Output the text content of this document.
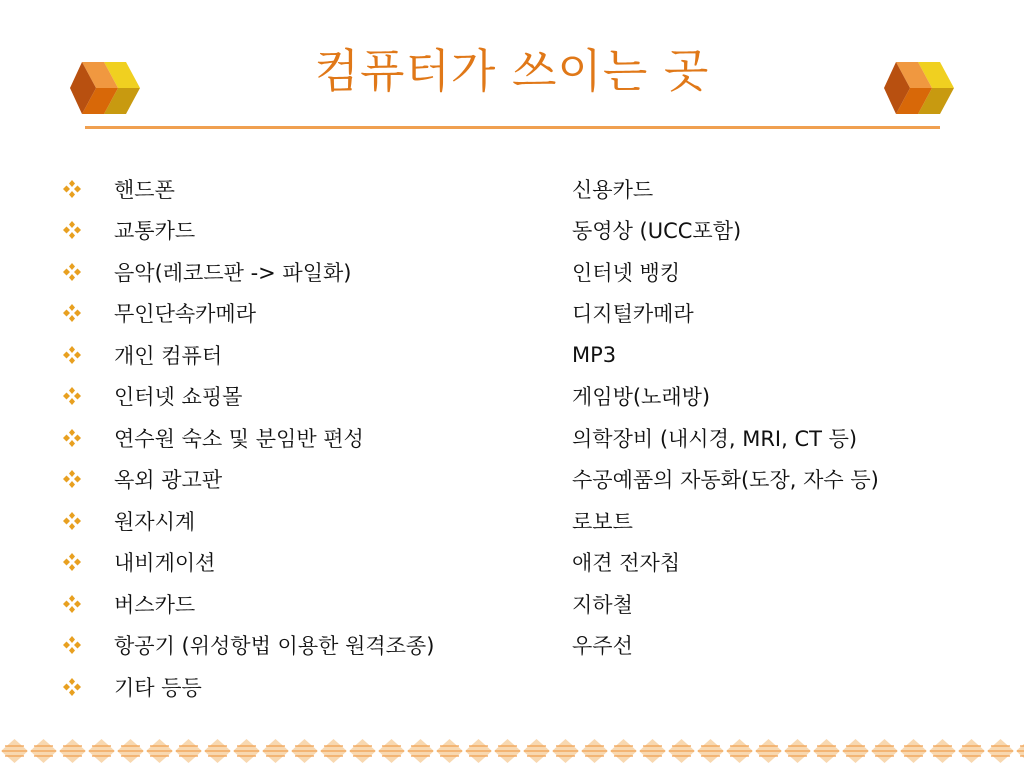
컴퓨터가 쓰이는 곳
핸드폰
교통카드
음악(레코드판 -> 파일화)
무인단속카메라
개인 컴퓨터
인터넷 쇼핑몰
연수원 숙소 및 분임반 편성
옥외 광고판
원자시계
내비게이션
버스카드
항공기 (위성항법 이용한 원격조종)
기타 등등
신용카드
동영상 (UCC포함)
인터넷 뱅킹
디지털카메라
MP3
게임방(노래방)
의학장비 (내시경, MRI, CT 등)
수공예품의 자동화(도장, 자수 등)
로보트
애견 전자칩
지하철
우주선
